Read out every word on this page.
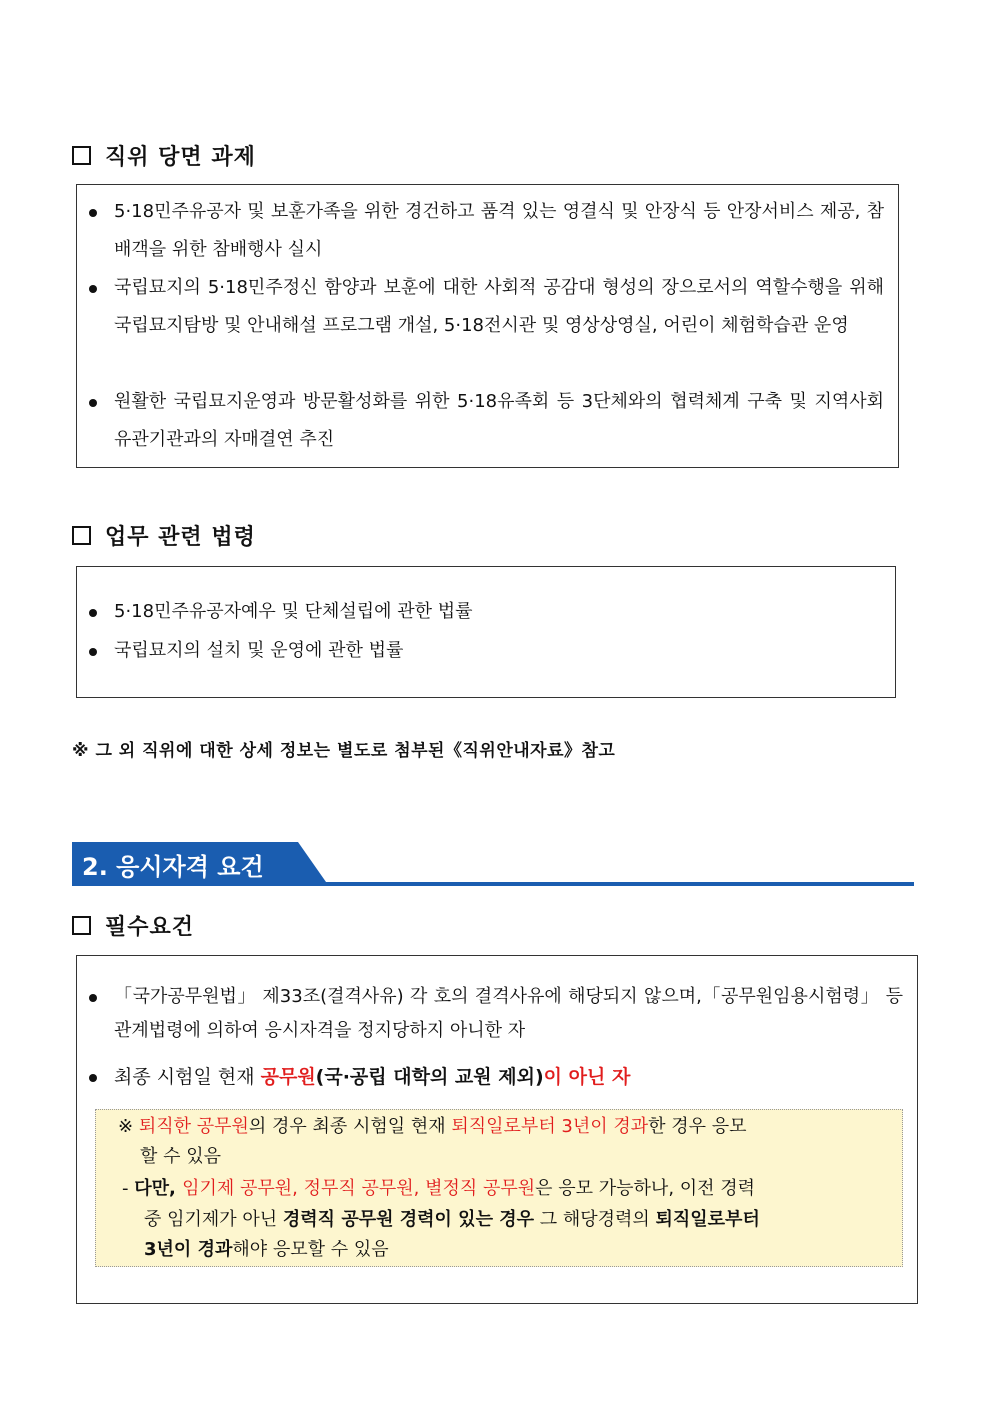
직위 당면 과제
5·18민주유공자 및 보훈가족을 위한 경건하고 품격 있는 영결식 및 안장식 등 안장서비스 제공, 참배객을 위한 참배행사 실시
국립묘지의 5·18민주정신 함양과 보훈에 대한 사회적 공감대 형성의 장으로서의 역할수행을 위해 국립묘지탐방 및 안내해설 프로그램 개설, 5·18전시관 및 영상상영실, 어린이 체험학습관 운영
원활한 국립묘지운영과 방문활성화를 위한 5·18유족회 등 3단체와의 협력체계 구축 및 지역사회 유관기관과의 자매결연 추진
업무 관련 법령
5·18민주유공자예우 및 단체설립에 관한 법률
국립묘지의 설치 및 운영에 관한 법률
※ 그 외 직위에 대한 상세 정보는 별도로 첨부된《직위안내자료》참고
2. 응시자격 요건
필수요건
「국가공무원법」 제33조(결격사유) 각 호의 결격사유에 해당되지 않으며,「공무원임용시험령」 등 관계법령에 의하여 응시자격을 정지당하지 아니한 자
최종 시험일 현재 공무원(국·공립 대학의 교원 제외)이 아닌 자
※ 퇴직한 공무원의 경우 최종 시험일 현재 퇴직일로부터 3년이 경과한 경우 응모
할 수 있음
- 다만, 임기제 공무원, 정무직 공무원, 별정직 공무원은 응모 가능하나, 이전 경력
중 임기제가 아닌 경력직 공무원 경력이 있는 경우 그 해당경력의 퇴직일로부터
3년이 경과해야 응모할 수 있음
